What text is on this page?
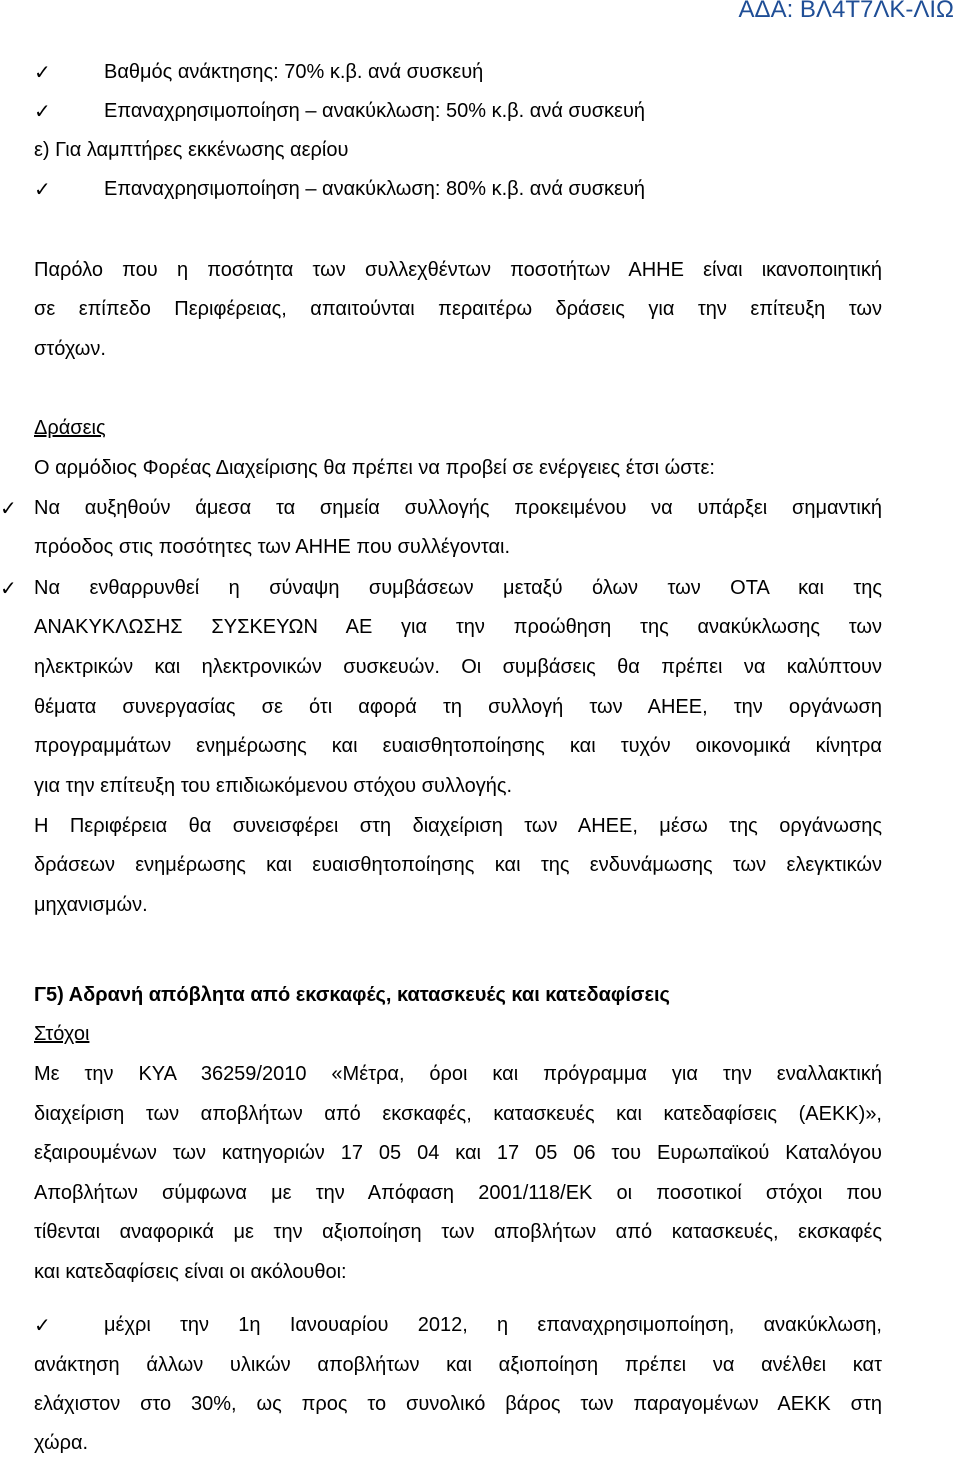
ΑΔΑ: ΒΛ4Τ7ΛΚ-ΛΙΩ
✓	Βαθμός ανάκτησης: 70% κ.β. ανά συσκευή
✓	Επαναχρησιμοποίηση – ανακύκλωση: 50% κ.β. ανά συσκευή
ε) Για λαμπτήρες εκκένωσης αερίου
✓	Επαναχρησιμοποίηση – ανακύκλωση: 80% κ.β. ανά συσκευή
Παρόλο που η ποσότητα των συλλεχθέντων ποσοτήτων ΑΗΗΕ είναι ικανοποιητική
σε επίπεδο Περιφέρειας, απαιτούνται περαιτέρω δράσεις για την επίτευξη των
στόχων.
Δράσεις
Ο αρμόδιος Φορέας Διαχείρισης θα πρέπει να προβεί σε ενέργειες έτσι ώστε:
✓ Να αυξηθούν άμεσα τα σημεία συλλογής προκειμένου να υπάρξει σημαντική
πρόοδος στις ποσότητες των ΑΗΗΕ που συλλέγονται.
✓ Να ενθαρρυνθεί η σύναψη συμβάσεων μεταξύ όλων των ΟΤΑ και της
ΑΝΑΚΥΚΛΩΣΗΣ ΣΥΣΚΕΥΩΝ ΑΕ για την προώθηση της ανακύκλωσης των
ηλεκτρικών και ηλεκτρονικών συσκευών. Οι συμβάσεις θα πρέπει να καλύπτουν
θέματα συνεργασίας σε ότι αφορά τη συλλογή των ΑΗΕΕ, την οργάνωση
προγραμμάτων ενημέρωσης και ευαισθητοποίησης και τυχόν οικονομικά κίνητρα
για την επίτευξη του επιδιωκόμενου στόχου συλλογής.
Η Περιφέρεια θα συνεισφέρει στη διαχείριση των ΑΗΕΕ, μέσω της οργάνωσης
δράσεων ενημέρωσης και ευαισθητοποίησης και της ενδυνάμωσης των ελεγκτικών
μηχανισμών.
Γ5) Αδρανή απόβλητα από εκσκαφές, κατασκευές και κατεδαφίσεις
Στόχοι
Με την ΚΥΑ 36259/2010 «Μέτρα, όροι και πρόγραμμα για την εναλλακτική
διαχείριση των αποβλήτων από εκσκαφές, κατασκευές και κατεδαφίσεις (ΑΕΚΚ)»,
εξαιρουμένων των κατηγοριών 17 05 04 και 17 05 06 του Ευρωπαϊκού Καταλόγου
Αποβλήτων σύμφωνα με την Απόφαση 2001/118/ΕΚ οι ποσοτικοί στόχοι που
τίθενται αναφορικά με την αξιοποίηση των αποβλήτων από κατασκευές, εκσκαφές
και κατεδαφίσεις είναι οι ακόλουθοι:
✓	μέχρι την 1η Ιανουαρίου 2012, η επαναχρησιμοποίηση, ανακύκλωση,
ανάκτηση άλλων υλικών αποβλήτων και αξιοποίηση πρέπει να ανέλθει κατ
ελάχιστον στο 30%, ως προς το συνολικό βάρος των παραγομένων ΑΕΚΚ στη
χώρα.
